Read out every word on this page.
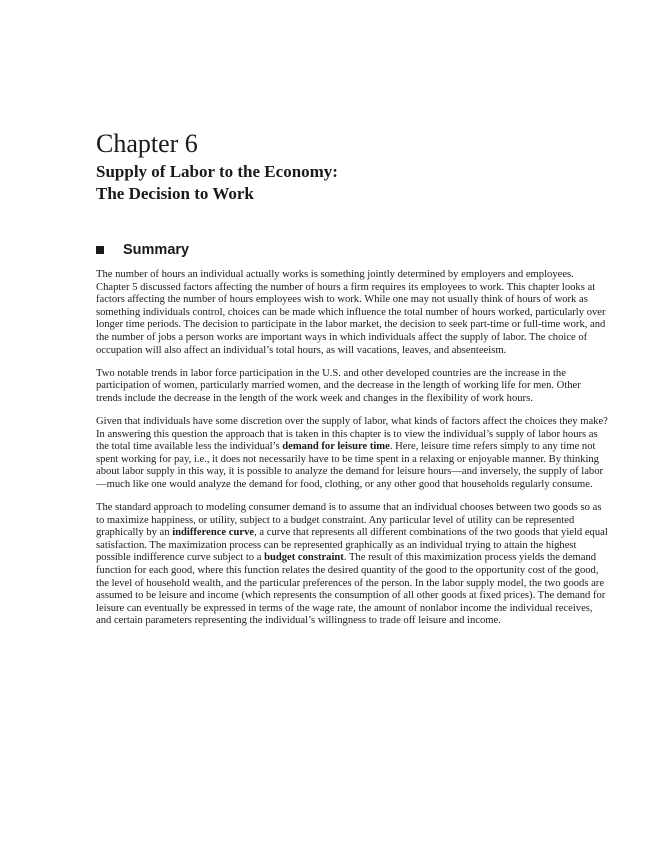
Chapter 6
Supply of Labor to the Economy:
The Decision to Work
Summary

The number of hours an individual actually works is something jointly determined by employers and employees. Chapter 5 discussed factors affecting the number of hours a firm requires its employees to work. This chapter looks at factors affecting the number of hours employees wish to work. While one may not usually think of hours of work as something individuals control, choices can be made which influence the total number of hours worked, particularly over longer time periods. The decision to participate in the labor market, the decision to seek part-time or full-time work, and the number of jobs a person works are important ways in which individuals affect the supply of labor. The choice of occupation will also affect an individual’s total hours, as will vacations, leaves, and absenteeism.

Two notable trends in labor force participation in the U.S. and other developed countries are the increase in the participation of women, particularly married women, and the decrease in the length of working life for men. Other trends include the decrease in the length of the work week and changes in the flexibility of work hours.

Given that individuals have some discretion over the supply of labor, what kinds of factors affect the choices they make? In answering this question the approach that is taken in this chapter is to view the individual’s supply of labor hours as the total time available less the individual’s demand for leisure time. Here, leisure time refers simply to any time not spent working for pay, i.e., it does not necessarily have to be time spent in a relaxing or enjoyable manner. By thinking about labor supply in this way, it is possible to analyze the demand for leisure hours—and inversely, the supply of labor—much like one would analyze the demand for food, clothing, or any other good that households regularly consume.

The standard approach to modeling consumer demand is to assume that an individual chooses between two goods so as to maximize happiness, or utility, subject to a budget constraint. Any particular level of utility can be represented graphically by an indifference curve, a curve that represents all different combinations of the two goods that yield equal satisfaction. The maximization process can be represented graphically as an individual trying to attain the highest possible indifference curve subject to a budget constraint. The result of this maximization process yields the demand function for each good, where this function relates the desired quantity of the good to the opportunity cost of the good, the level of household wealth, and the particular preferences of the person. In the labor supply model, the two goods are assumed to be leisure and income (which represents the consumption of all other goods at fixed prices). The demand for leisure can eventually be expressed in terms of the wage rate, the amount of nonlabor income the individual receives, and certain parameters representing the individual’s willingness to trade off leisure and income.
